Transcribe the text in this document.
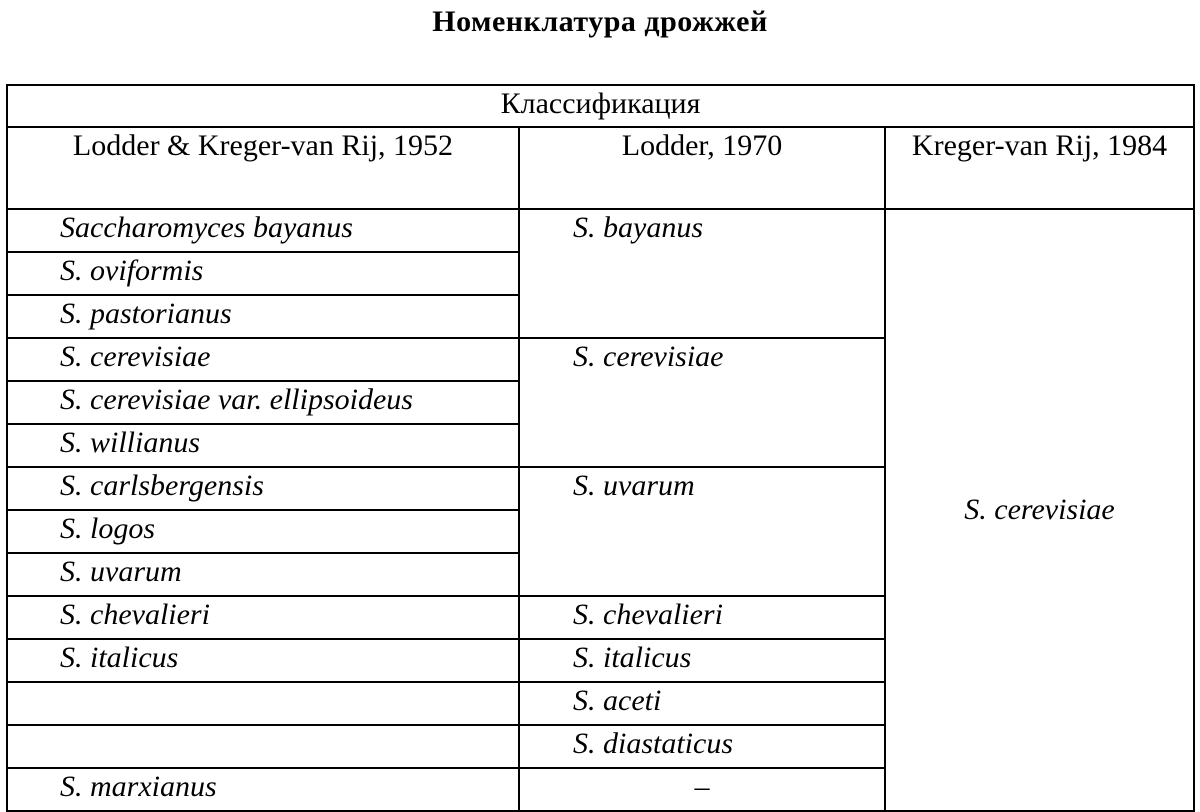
Номенклатура дрожжей
Классификация		
Lodder & Kreger-van Rij, 1952	Lodder, 1970	Kreger-van Rij, 1984
Saccharomyces bayanus	S. bayanus	S. cerevisiae
S. oviformis		
S. pastorianus		
S. cerevisiae	S. cerevisiae	
S. cerevisiae var. ellipsoideus		
S. willianus		
S. carlsbergensis	S. uvarum	
S. logos		
S. uvarum		
S. chevalieri	S. chevalieri	
S. italicus	S. italicus	
	S. aceti	
	S. diastaticus	
S. marxianus	–	
